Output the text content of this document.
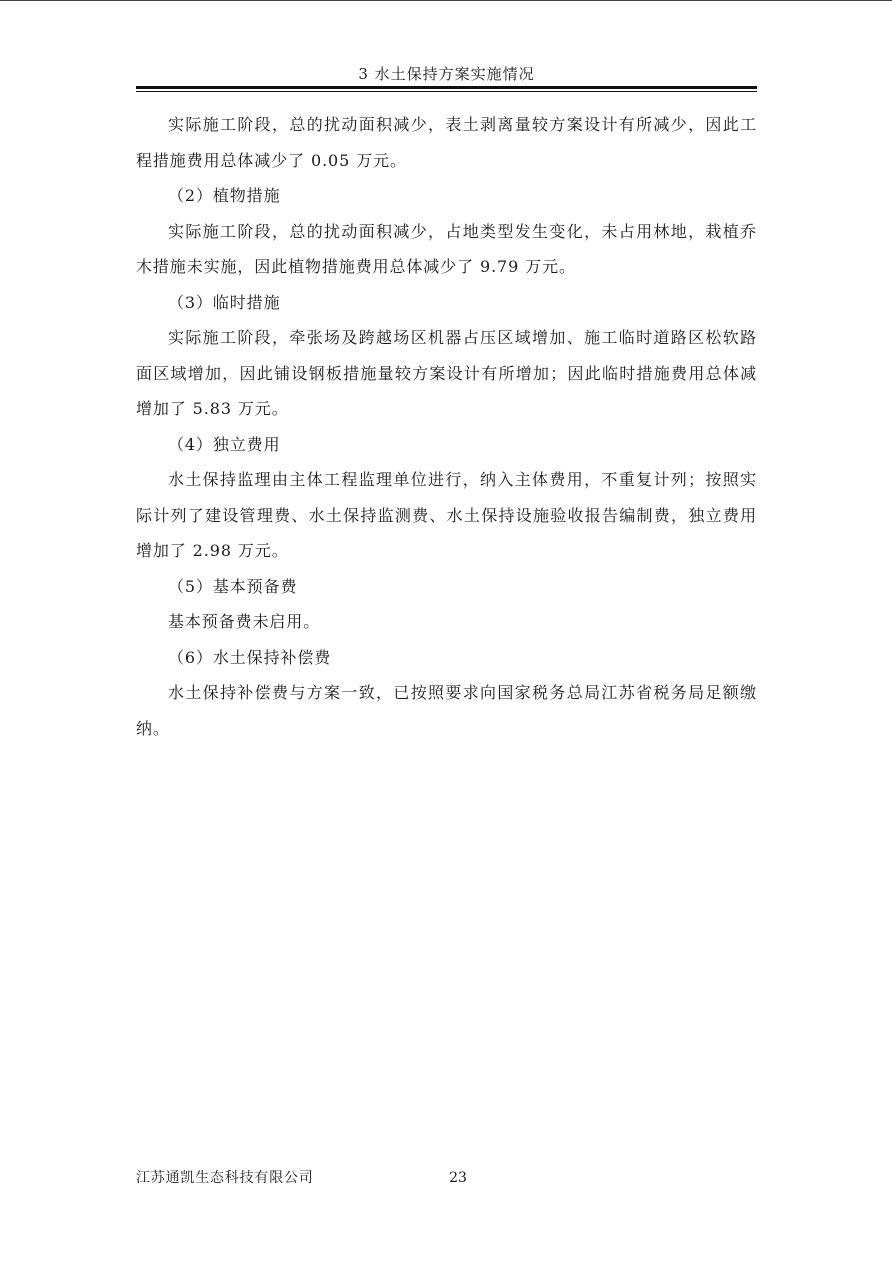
3 水土保持方案实施情况

实际施工阶段，总的扰动面积减少，表土剥离量较方案设计有所减少，因此工程措施费用总体减少了 0.05 万元。

（2）植物措施

实际施工阶段，总的扰动面积减少，占地类型发生变化，未占用林地，栽植乔木措施未实施，因此植物措施费用总体减少了 9.79 万元。

（3）临时措施

实际施工阶段，牵张场及跨越场区机器占压区域增加、施工临时道路区松软路面区域增加，因此铺设钢板措施量较方案设计有所增加；因此临时措施费用总体减增加了 5.83 万元。

（4）独立费用

水土保持监理由主体工程监理单位进行，纳入主体费用，不重复计列；按照实际计列了建设管理费、水土保持监测费、水土保持设施验收报告编制费，独立费用增加了 2.98 万元。

（5）基本预备费

基本预备费未启用。

（6）水土保持补偿费

水土保持补偿费与方案一致，已按照要求向国家税务总局江苏省税务局足额缴纳。

江苏通凯生态科技有限公司	23
